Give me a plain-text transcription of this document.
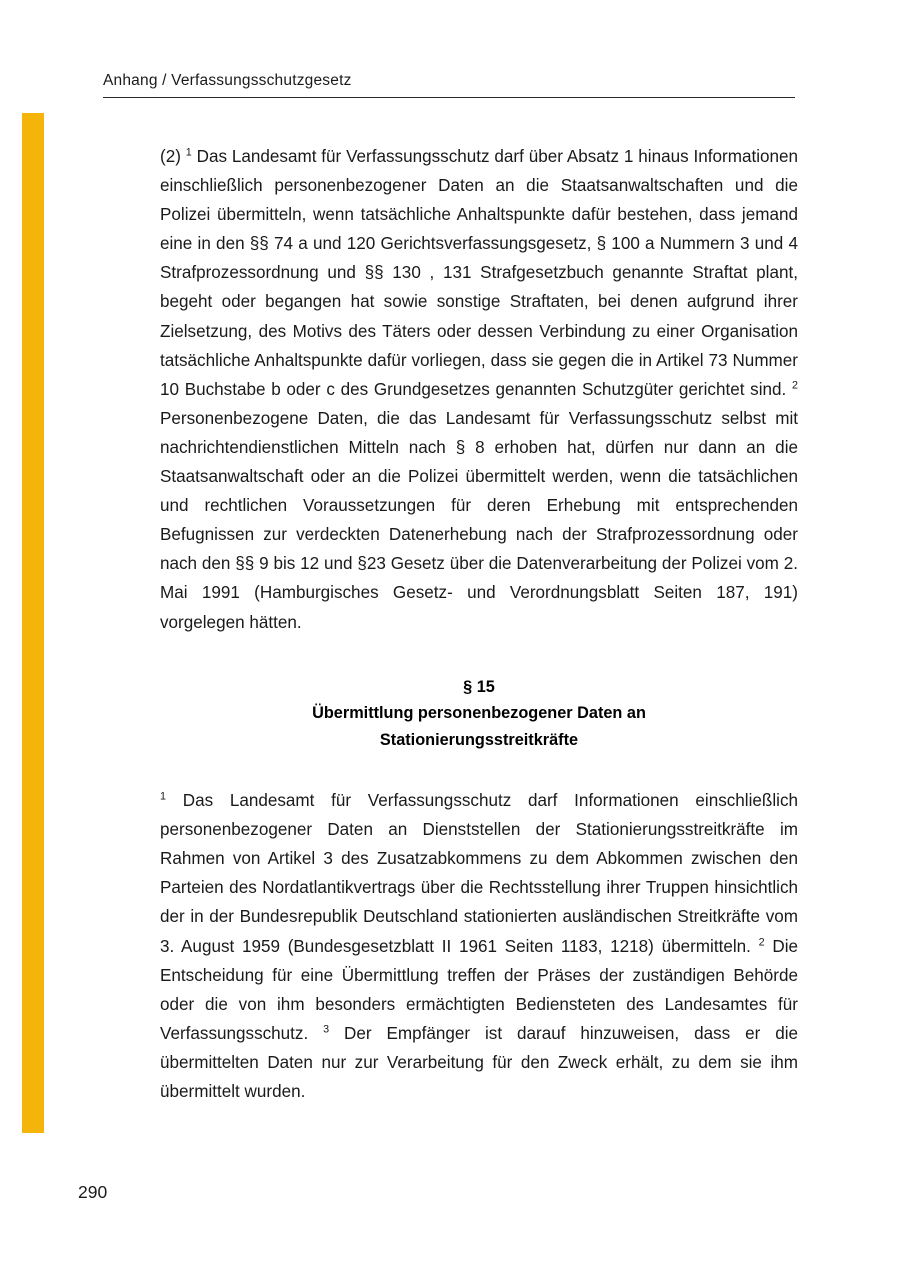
Anhang / Verfassungsschutzgesetz

(2) $^1$ Das Landesamt für Verfassungsschutz darf über Absatz 1 hinaus Informationen einschließlich personenbezogener Daten an die Staatsanwaltschaften und die Polizei übermitteln, wenn tatsächliche Anhaltspunkte dafür bestehen, dass jemand eine in den §§ 74 a und 120 Gerichtsverfassungsgesetz, § 100 a Nummern 3 und 4 Strafprozessordnung und §§ 130 , 131 Strafgesetzbuch genannte Straftat plant, begeht oder begangen hat sowie sonstige Straftaten, bei denen aufgrund ihrer Zielsetzung, des Motivs des Täters oder dessen Verbindung zu einer Organisation tatsächliche Anhaltspunkte dafür vorliegen, dass sie gegen die in Artikel 73 Nummer 10 Buchstabe b oder c des Grundgesetzes genannten Schutzgüter gerichtet sind. $^2$ Personenbezogene Daten, die das Landesamt für Verfassungsschutz selbst mit nachrichtendienstlichen Mitteln nach § 8 erhoben hat, dürfen nur dann an die Staatsanwaltschaft oder an die Polizei übermittelt werden, wenn die tatsächlichen und rechtlichen Voraussetzungen für deren Erhebung mit entsprechenden Befugnissen zur verdeckten Datenerhebung nach der Strafprozessordnung oder nach den §§ 9 bis 12 und §23 Gesetz über die Datenverarbeitung der Polizei vom 2. Mai 1991 (Hamburgisches Gesetz- und Verordnungsblatt Seiten 187, 191) vorgelegen hätten.

§ 15
Übermittlung personenbezogener Daten an
Stationierungsstreitkräfte

$^1$ Das Landesamt für Verfassungsschutz darf Informationen einschließlich personenbezogener Daten an Dienststellen der Stationierungsstreitkräfte im Rahmen von Artikel 3 des Zusatzabkommens zu dem Abkommen zwischen den Parteien des Nordatlantikvertrags über die Rechtsstellung ihrer Truppen hinsichtlich der in der Bundesrepublik Deutschland stationierten ausländischen Streitkräfte vom 3. August 1959 (Bundesgesetzblatt II 1961 Seiten 1183, 1218) übermitteln. $^2$ Die Entscheidung für eine Übermittlung treffen der Präses der zuständigen Behörde oder die von ihm besonders ermächtigten Bediensteten des Landesamtes für Verfassungsschutz. $^3$ Der Empfänger ist darauf hinzuweisen, dass er die übermittelten Daten nur zur Verarbeitung für den Zweck erhält, zu dem sie ihm übermittelt wurden.

290
